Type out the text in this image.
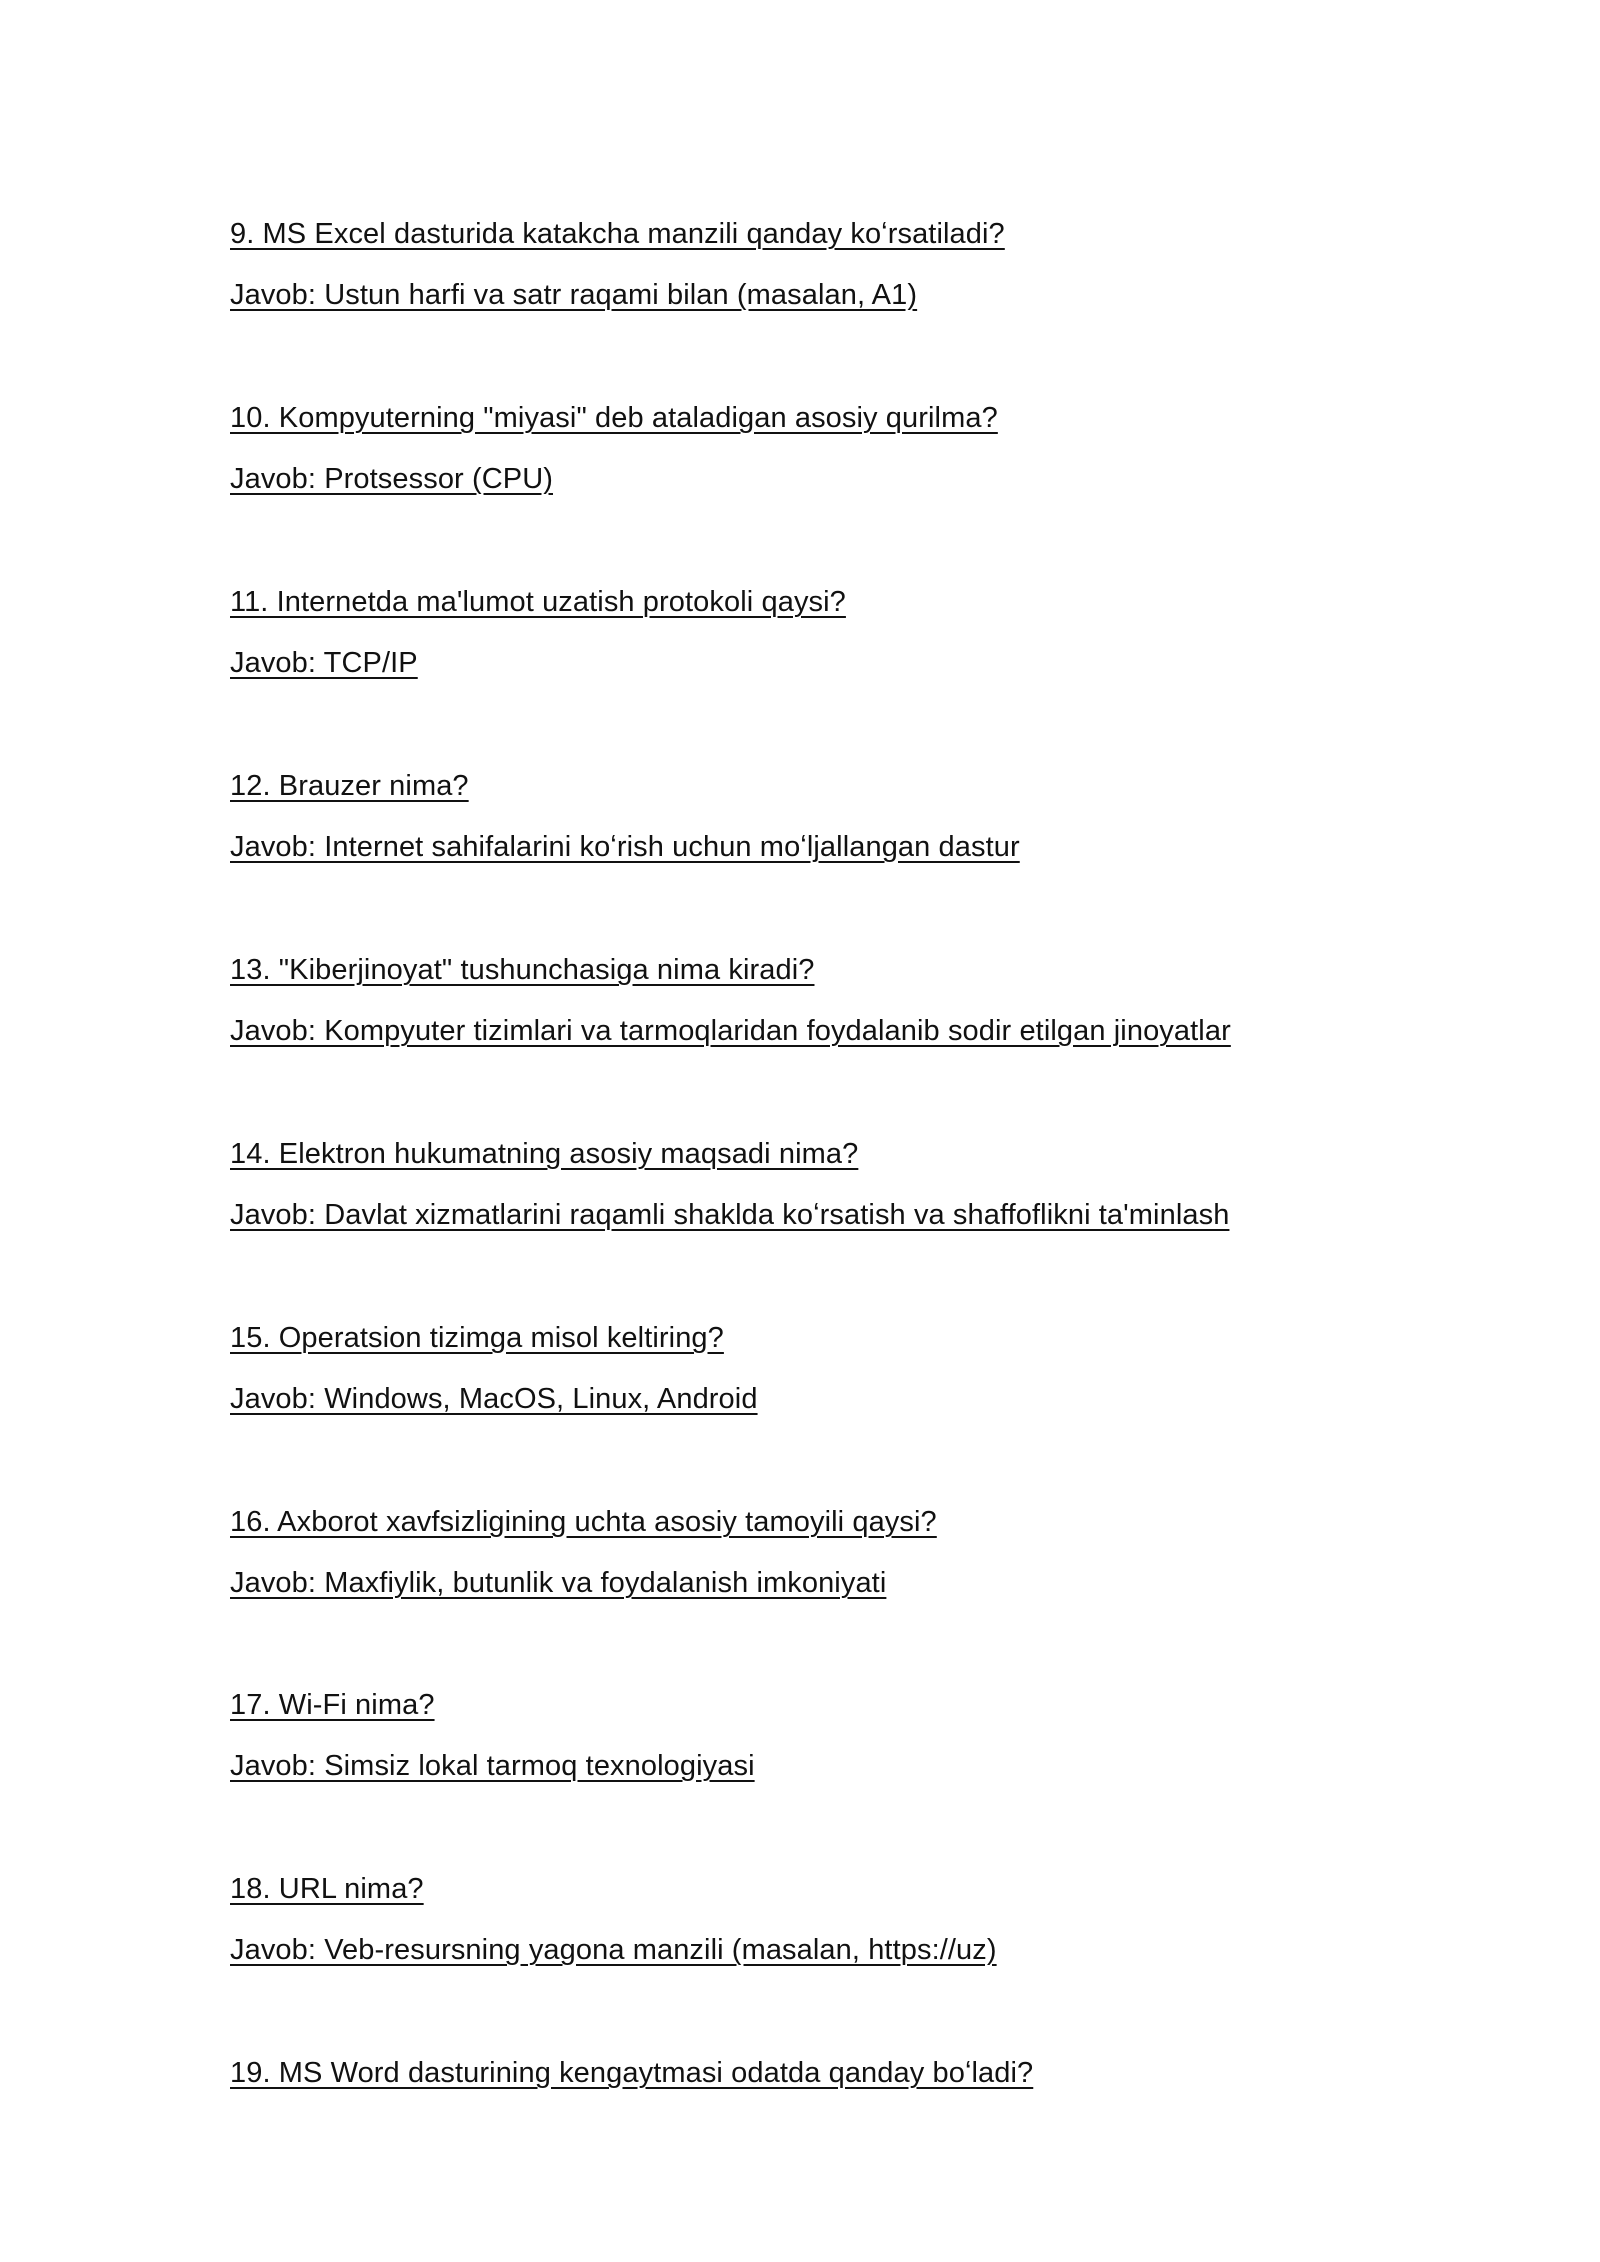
9. MS Excel dasturida katakcha manzili qanday koʻrsatiladi?
Javob: Ustun harfi va satr raqami bilan (masalan, A1)
10. Kompyuterning "miyasi" deb ataladigan asosiy qurilma?
Javob: Protsessor (CPU)
11. Internetda ma'lumot uzatish protokoli qaysi?
Javob: TCP/IP
12. Brauzer nima?
Javob: Internet sahifalarini koʻrish uchun moʻljallangan dastur
13. "Kiberjinoyat" tushunchasiga nima kiradi?
Javob: Kompyuter tizimlari va tarmoqlaridan foydalanib sodir etilgan jinoyatlar
14. Elektron hukumatning asosiy maqsadi nima?
Javob: Davlat xizmatlarini raqamli shaklda koʻrsatish va shaffoflikni ta'minlash
15. Operatsion tizimga misol keltiring?
Javob: Windows, MacOS, Linux, Android
16. Axborot xavfsizligining uchta asosiy tamoyili qaysi?
Javob: Maxfiylik, butunlik va foydalanish imkoniyati
17. Wi-Fi nima?
Javob: Simsiz lokal tarmoq texnologiyasi
18. URL nima?
Javob: Veb-resursning yagona manzili (masalan, https://uz)
19. MS Word dasturining kengaytmasi odatda qanday boʻladi?
